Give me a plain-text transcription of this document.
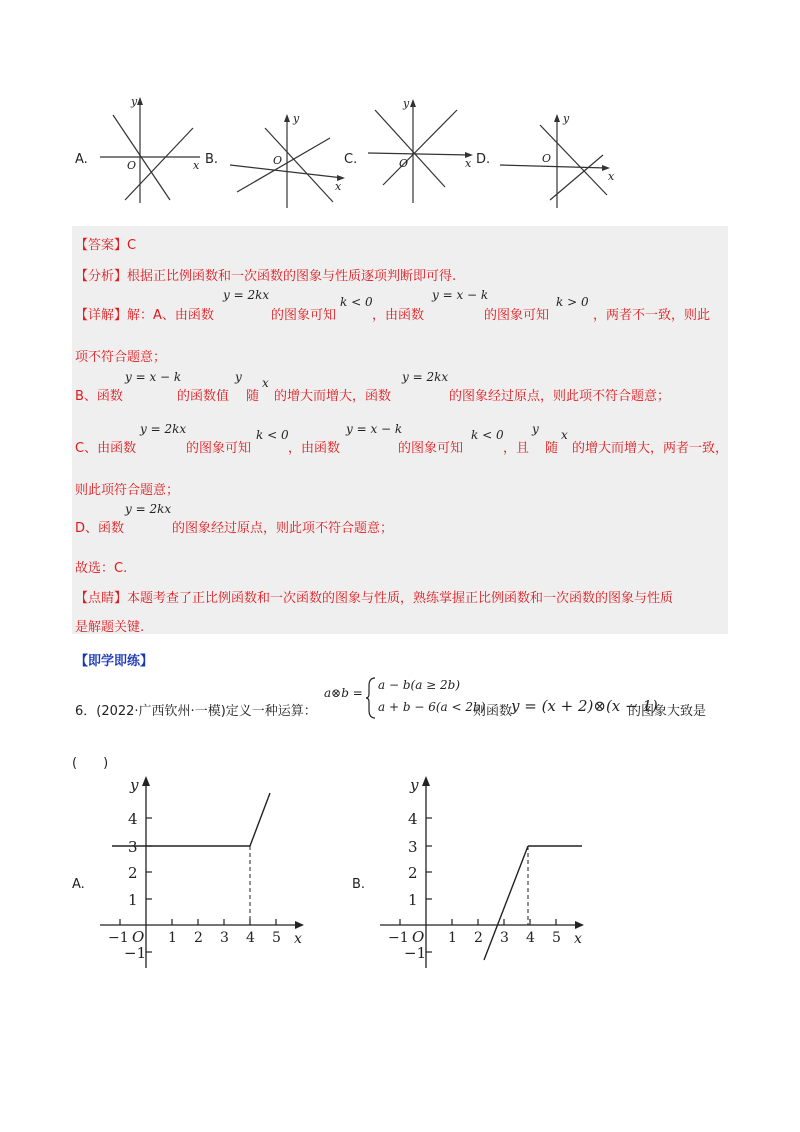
A.
y
x
O	B.
y
x
O	C.
y
x
O	D.
y
x
O
【答案】C
【分析】根据正比例函数和一次函数的图象与性质逐项判断即可得.
【详解】解：A、由函数
y = 2kx
的图象可知
k < 0
，由函数
y = x − k
的图象可知
k > 0
，两者不一致，则此
项不符合题意；
B、函数
y = x − k
的函数值
y
随
x
的增大而增大，函数
y = 2kx
的图象经过原点，则此项不符合题意；
C、由函数
y = 2kx
的图象可知
k < 0
，由函数
y = x − k
的图象可知
k < 0
，且
y
随
x
的增大而增大，两者一致，
则此项符合题意；
D、函数
y = 2kx
的图象经过原点，则此项不符合题意；
故选：C.
【点睛】本题考查了正比例函数和一次函数的图象与性质，熟练掌握正比例函数和一次函数的图象与性质
是解题关键.
【即学即练】
6．(2022·广西钦州·一模)定义一种运算：
a⊗b =
a − b(a ≥ 2b)
a + b − 6(a < 2b)
则函数
y = (x + 2)⊗(x − 1)
的图象大致是
(　　)
A.
y
x
4
3
2
1
−1
−1 O 1 2 3 4 5
B.
y
x
4
3
2
1
−1
−1 O 1 2 3 4 5
